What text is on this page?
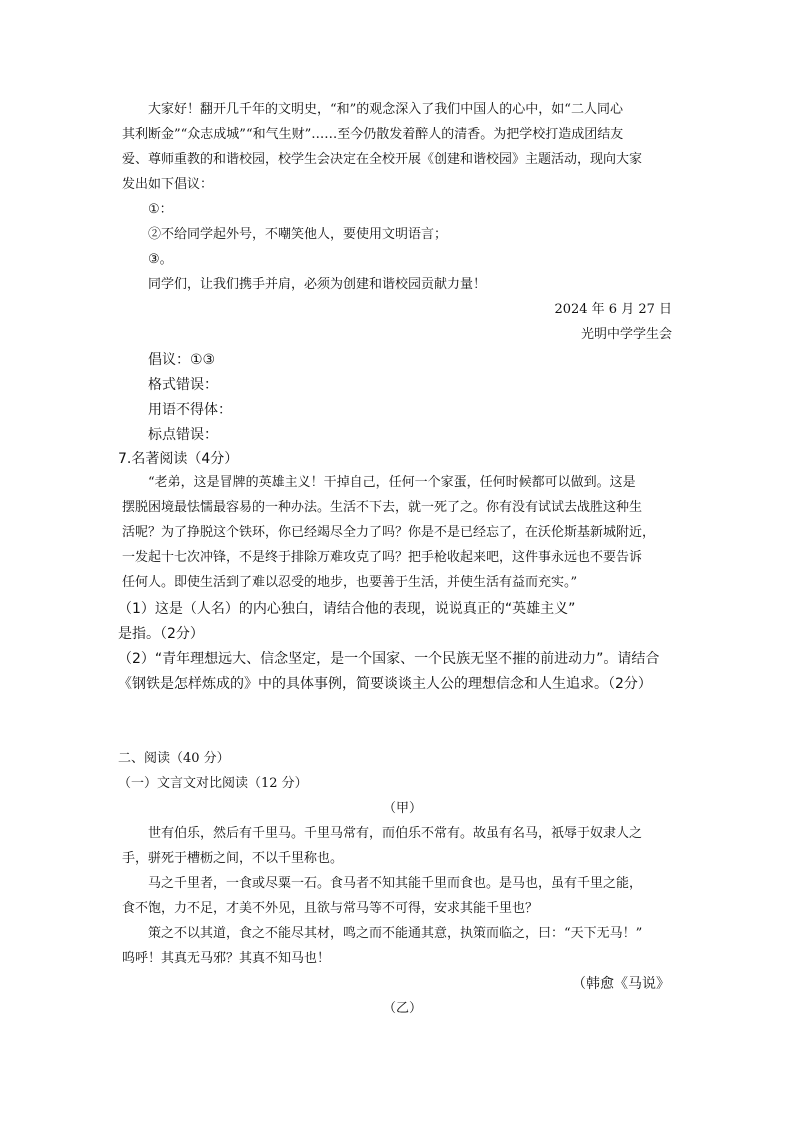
大家好！翻开几千年的文明史，“和”的观念深入了我们中国人的心中，如“二人同心
其利断金”“众志成城”“和气生财”……至今仍散发着醉人的清香。为把学校打造成团结友
爱、尊师重教的和谐校园，校学生会决定在全校开展《创建和谐校园》主题活动，现向大家
发出如下倡议：
①：
②不给同学起外号，不嘲笑他人，要使用文明语言；
③。
同学们，让我们携手并肩，必须为创建和谐校园贡献力量！
2024 年 6 月 27 日
光明中学学生会
倡议：①③
格式错误：
用语不得体：
标点错误：
7.名著阅读（4分）
“老弟，这是冒牌的英雄主义！干掉自己，任何一个家蛋，任何时候都可以做到。这是
摆脱困境最怯懦最容易的一种办法。生活不下去，就一死了之。你有没有试试去战胜这种生
活呢？为了挣脱这个铁环，你已经竭尽全力了吗？你是不是已经忘了，在沃伦斯基新城附近，
一发起十七次冲锋，不是终于排除万难攻克了吗？把手枪收起来吧，这件事永远也不要告诉
任何人。即使生活到了难以忍受的地步，也要善于生活，并使生活有益而充实。”
（1）这是（人名）的内心独白，请结合他的表现，说说真正的“英雄主义”
是指。（2分）
（2）“青年理想远大、信念坚定，是一个国家、一个民族无坚不摧的前进动力”。请结合
《钢铁是怎样炼成的》中的具体事例，简要谈谈主人公的理想信念和人生追求。（2分）
二、阅读（40 分）
（一）文言文对比阅读（12 分）
（甲）
世有伯乐，然后有千里马。千里马常有，而伯乐不常有。故虽有名马，祇辱于奴隶人之
手，骈死于槽枥之间，不以千里称也。
马之千里者，一食或尽粟一石。食马者不知其能千里而食也。是马也，虽有千里之能，
食不饱，力不足，才美不外见，且欲与常马等不可得，安求其能千里也？
策之不以其道，食之不能尽其材，鸣之而不能通其意，执策而临之，曰：“天下无马！”
呜呼！其真无马邪？其真不知马也！
（韩愈《马说》
（乙）
